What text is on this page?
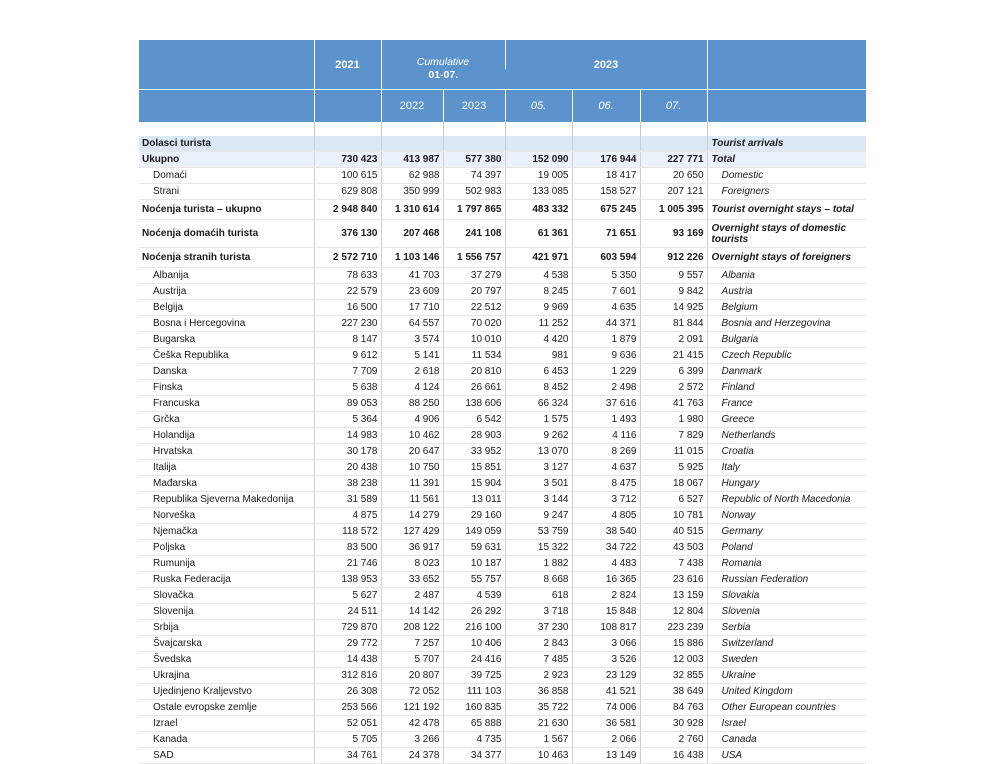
	2021	Cumulative		2023			
		01-07.					
		2022	2023	05.	06.	07.	

Dolasci turista							Tourist arrivals
Ukupno	730 423	413 987	577 380	152 090	176 944	227 771	Total
Domaći	100 615	62 988	74 397	19 005	18 417	20 650	Domestic
Strani	629 808	350 999	502 983	133 085	158 527	207 121	Foreigners
Noćenja turista – ukupno	2 948 840	1 310 614	1 797 865	483 332	675 245	1 005 395	Tourist overnight stays – total
Noćenja domaćih turista	376 130	207 468	241 108	61 361	71 651	93 169	Overnight stays of domestic tourists
Noćenja stranih turista	2 572 710	1 103 146	1 556 757	421 971	603 594	912 226	Overnight stays of foreigners
Albanija	78 633	41 703	37 279	4 538	5 350	9 557	Albania
Austrija	22 579	23 609	20 797	8 245	7 601	9 842	Austria
Belgija	16 500	17 710	22 512	9 969	4 635	14 925	Belgium
Bosna i Hercegovina	227 230	64 557	70 020	11 252	44 371	81 844	Bosnia and Herzegovina
Bugarska	8 147	3 574	10 010	4 420	1 879	2 091	Bulgaria
Češka Republika	9 612	5 141	11 534	981	9 636	21 415	Czech Republic
Danska	7 709	2 618	20 810	6 453	1 229	6 399	Danmark
Finska	5 638	4 124	26 661	8 452	2 498	2 572	Finland
Francuska	89 053	88 250	138 606	66 324	37 616	41 763	France
Grčka	5 364	4 906	6 542	1 575	1 493	1 980	Greece
Holandija	14 983	10 462	28 903	9 262	4 116	7 829	Netherlands
Hrvatska	30 178	20 647	33 952	13 070	8 269	11 015	Croatia
Italija	20 438	10 750	15 851	3 127	4 637	5 925	Italy
Mađarska	38 238	11 391	15 904	3 501	8 475	18 067	Hungary
Republika Sjeverna Makedonija	31 589	11 561	13 011	3 144	3 712	6 527	Republic of North Macedonia
Norveška	4 875	14 279	29 160	9 247	4 805	10 781	Norway
Njemačka	118 572	127 429	149 059	53 759	38 540	40 515	Germany
Poljska	83 500	36 917	59 631	15 322	34 722	43 503	Poland
Rumunija	21 746	8 023	10 187	1 882	4 483	7 438	Romania
Ruska Federacija	138 953	33 652	55 757	8 668	16 365	23 616	Russian Federation
Slovačka	5 627	2 487	4 539	618	2 824	13 159	Slovakia
Slovenija	24 511	14 142	26 292	3 718	15 848	12 804	Slovenia
Srbija	729 870	208 122	216 100	37 230	108 817	223 239	Serbia
Švajcarska	29 772	7 257	10 406	2 843	3 066	15 886	Switzerland
Švedska	14 438	5 707	24 416	7 485	3 526	12 003	Sweden
Ukrajina	312 816	20 807	39 725	2 923	23 129	32 855	Ukraine
Ujedinjeno Kraljevstvo	26 308	72 052	111 103	36 858	41 521	38 649	United Kingdom
Ostale evropske zemlje	253 566	121 192	160 835	35 722	74 006	84 763	Other European countries
Izrael	52 051	42 478	65 888	21 630	36 581	30 928	Israel
Kanada	5 705	3 266	4 735	1 567	2 066	2 760	Canada
SAD	34 761	24 378	34 377	10 463	13 149	16 438	USA
